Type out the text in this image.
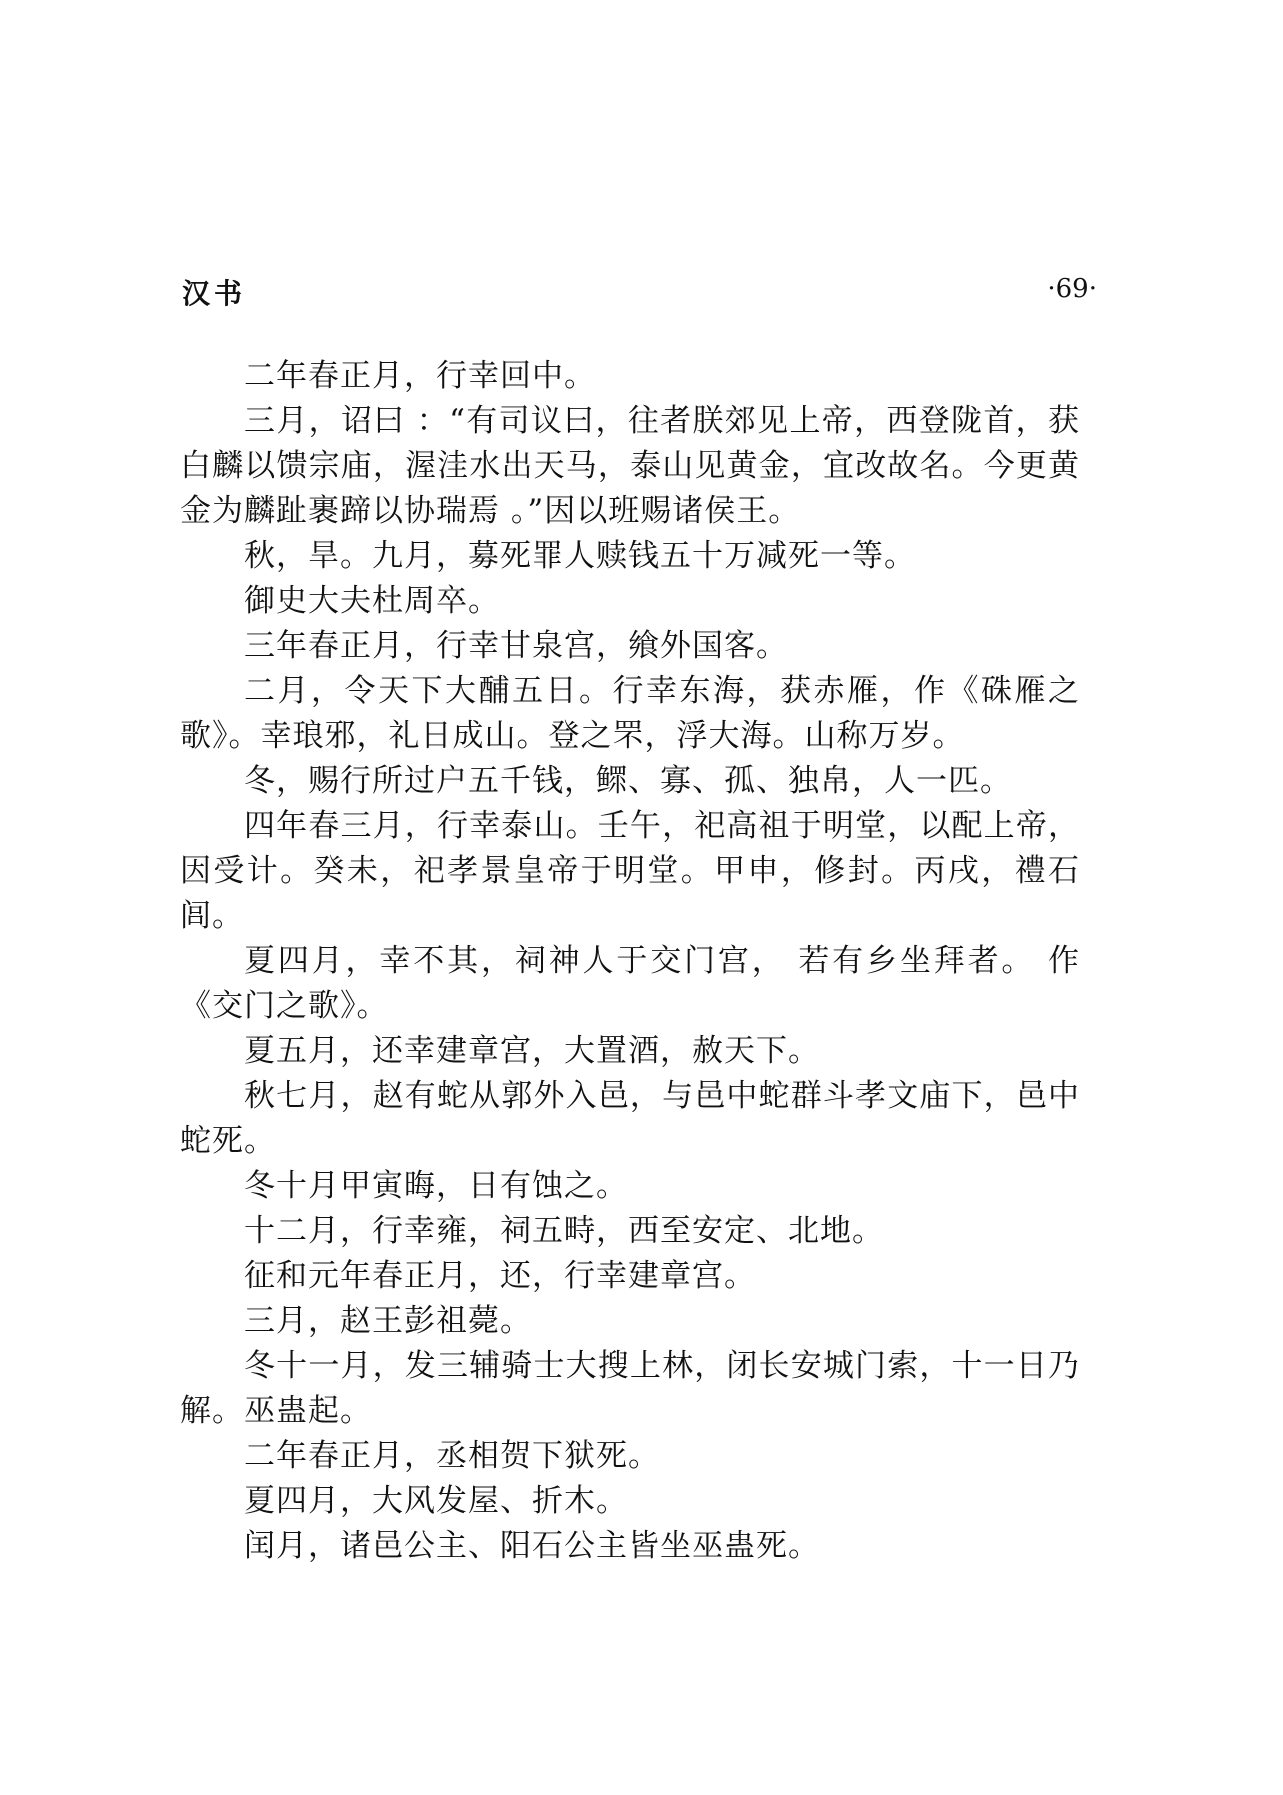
汉书	·69·

二年春正月，行幸回中。

三月，诏曰 ：“有司议曰，往者朕郊见上帝，西登陇首，获白麟以馈宗庙，渥洼水出天马，泰山见黄金，宜改故名。今更黄金为麟趾裹蹄以协瑞焉 。”因以班赐诸侯王。

秋，旱。九月，募死罪人赎钱五十万减死一等。

御史大夫杜周卒。

三年春正月，行幸甘泉宫，飨外国客。

二月，令天下大酺五日。行幸东海，获赤雁，作《硃雁之歌》。幸琅邪，礼日成山。登之罘，浮大海。山称万岁。

冬，赐行所过户五千钱，鳏、寡、孤、独帛，人一匹。

四年春三月，行幸泰山。壬午，祀高祖于明堂，以配上帝，因受计。癸未，祀孝景皇帝于明堂。甲申，修封。丙戌，禮石闾。

夏四月，幸不其，祠神人于交门宫， 若有乡坐拜者。 作《交门之歌》。

夏五月，还幸建章宫，大置酒，赦天下。

秋七月，赵有蛇从郭外入邑，与邑中蛇群斗孝文庙下，邑中蛇死。

冬十月甲寅晦，日有蚀之。

十二月，行幸雍，祠五畤，西至安定、北地。

征和元年春正月，还，行幸建章宫。

三月，赵王彭祖薨。

冬十一月，发三辅骑士大搜上林，闭长安城门索，十一日乃解。巫蛊起。

二年春正月，丞相贺下狱死。

夏四月，大风发屋、折木。

闰月，诸邑公主、阳石公主皆坐巫蛊死。
